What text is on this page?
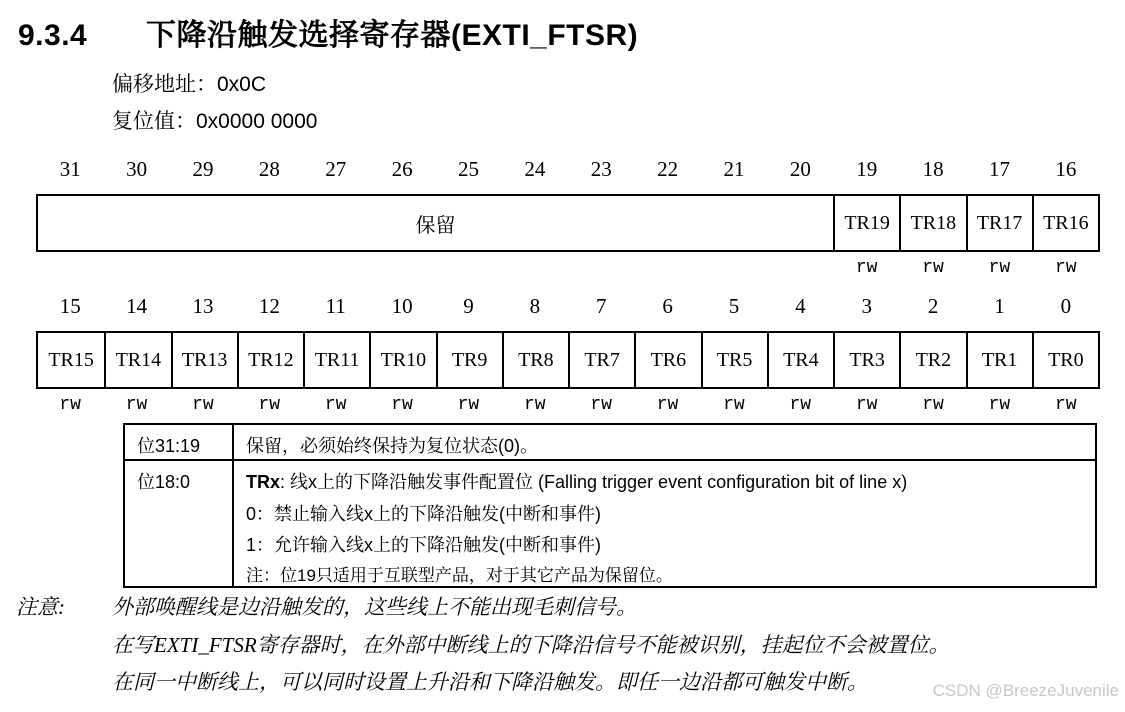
9.3.4 下降沿触发选择寄存器(EXTI_FTSR)
偏移地址：0x0C
复位值：0x0000 0000
31	30	29	28	27	26	25	24	23	22	21	20	19	18	17	16
保留	TR19	TR18	TR17	TR16
rw	rw	rw	rw
15	14	13	12	11	10	9	8	7	6	5	4	3	2	1	0
TR15	TR14	TR13	TR12	TR11	TR10	TR9	TR8	TR7	TR6	TR5	TR4	TR3	TR2	TR1	TR0
rw	rw	rw	rw	rw	rw	rw	rw	rw	rw	rw	rw	rw	rw	rw	rw
位31:19	保留，必须始终保持为复位状态(0)。
位18:0	TRx: 线x上的下降沿触发事件配置位 (Falling trigger event configuration bit of line x)
0：禁止输入线x上的下降沿触发(中断和事件)
1：允许输入线x上的下降沿触发(中断和事件)
注：位19只适用于互联型产品，对于其它产品为保留位。
注意: 外部唤醒线是边沿触发的，这些线上不能出现毛刺信号。
在写EXTI_FTSR寄存器时，在外部中断线上的下降沿信号不能被识别，挂起位不会被置位。
在同一中断线上，可以同时设置上升沿和下降沿触发。即任一边沿都可触发中断。	CSDN @BreezeJuvenile
